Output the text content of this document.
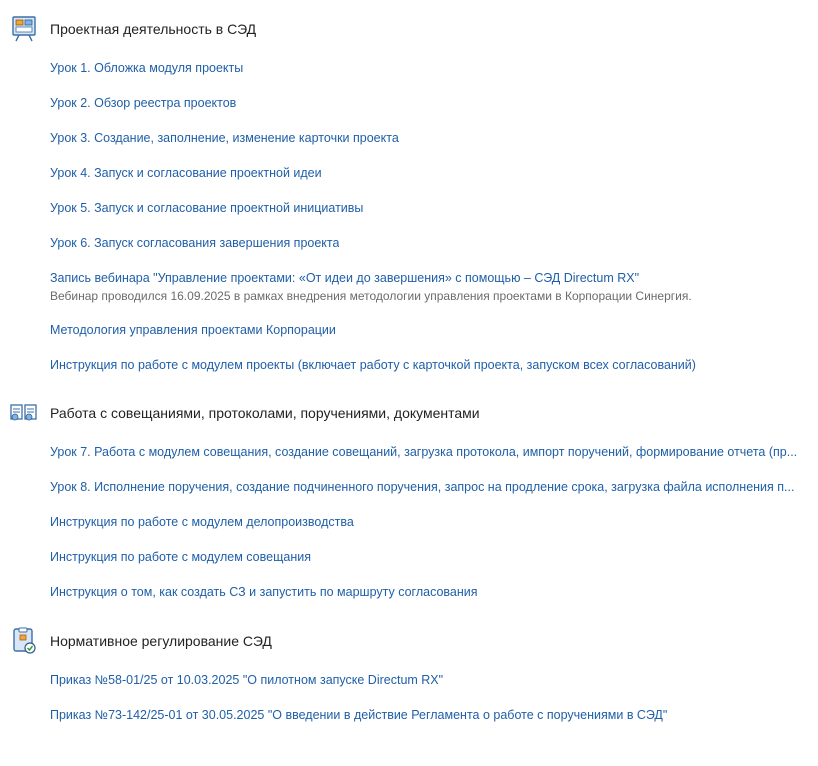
Проектная деятельность в СЭД
Урок 1. Обложка модуля проекты
Урок 2. Обзор реестра проектов
Урок 3. Создание, заполнение, изменение карточки проекта
Урок 4. Запуск и согласование проектной идеи
Урок 5. Запуск и согласование проектной инициативы
Урок 6. Запуск согласования завершения проекта
Запись вебинара "Управление проектами: «От идеи до завершения» с помощью – СЭД Directum RX"
Вебинар проводился 16.09.2025 в рамках внедрения методологии управления проектами в Корпорации Синергия.
Методология управления проектами Корпорации
Инструкция по работе с модулем проекты (включает работу с карточкой проекта, запуском всех согласований)
Работа с совещаниями, протоколами, поручениями, документами
Урок 7. Работа с модулем совещания, создание совещаний, загрузка протокола, импорт поручений, формирование отчета (пр...
Урок 8. Исполнение поручения, создание подчиненного поручения, запрос на продление срока, загрузка файла исполнения п...
Инструкция по работе с модулем делопроизводства
Инструкция по работе с модулем совещания
Инструкция о том, как создать СЗ и запустить по маршруту согласования
Нормативное регулирование СЭД
Приказ №58-01/25 от 10.03.2025 "О пилотном запуске Directum RX"
Приказ №73-142/25-01 от 30.05.2025 "О введении в действие Регламента о работе с поручениями в СЭД"
